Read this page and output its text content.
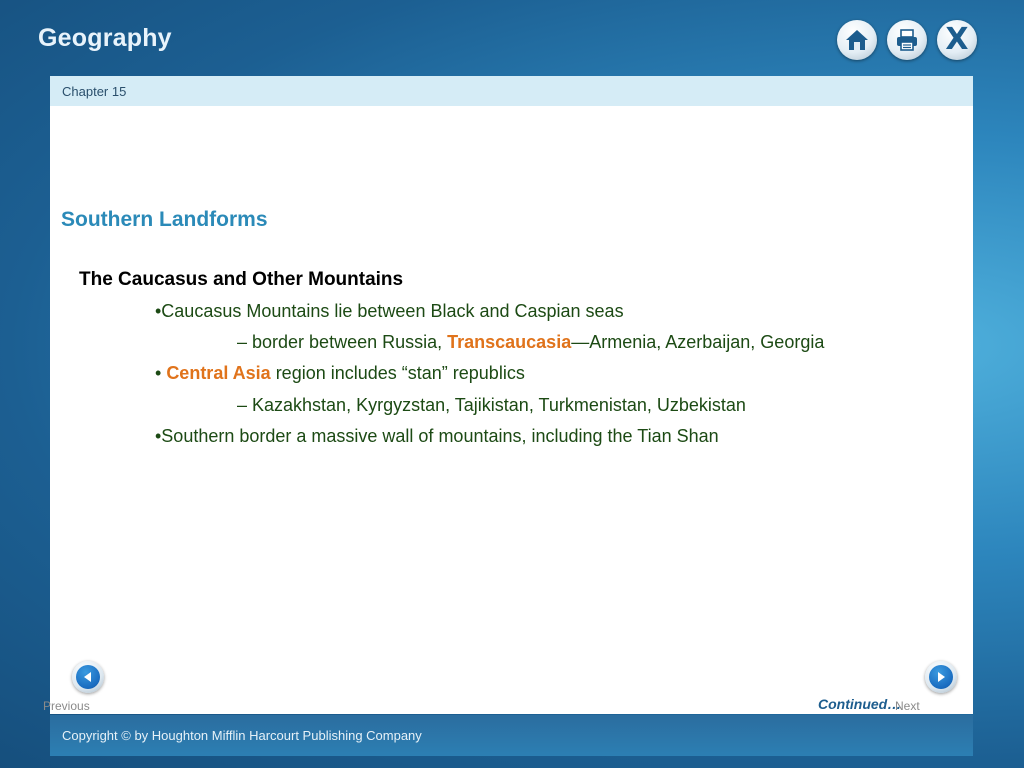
Geography	X
Chapter 15
Southern Landforms
The Caucasus and Other Mountains
•Caucasus Mountains lie between Black and Caspian seas
– border between Russia, Transcaucasia—Armenia, Azerbaijan, Georgia
• Central Asia region includes “stan” republics
– Kazakhstan, Kyrgyzstan, Tajikistan, Turkmenistan, Uzbekistan
•Southern border a massive wall of mountains, including the Tian Shan
Previous	Continued…
Next
Copyright © by Houghton Mifflin Harcourt Publishing Company
